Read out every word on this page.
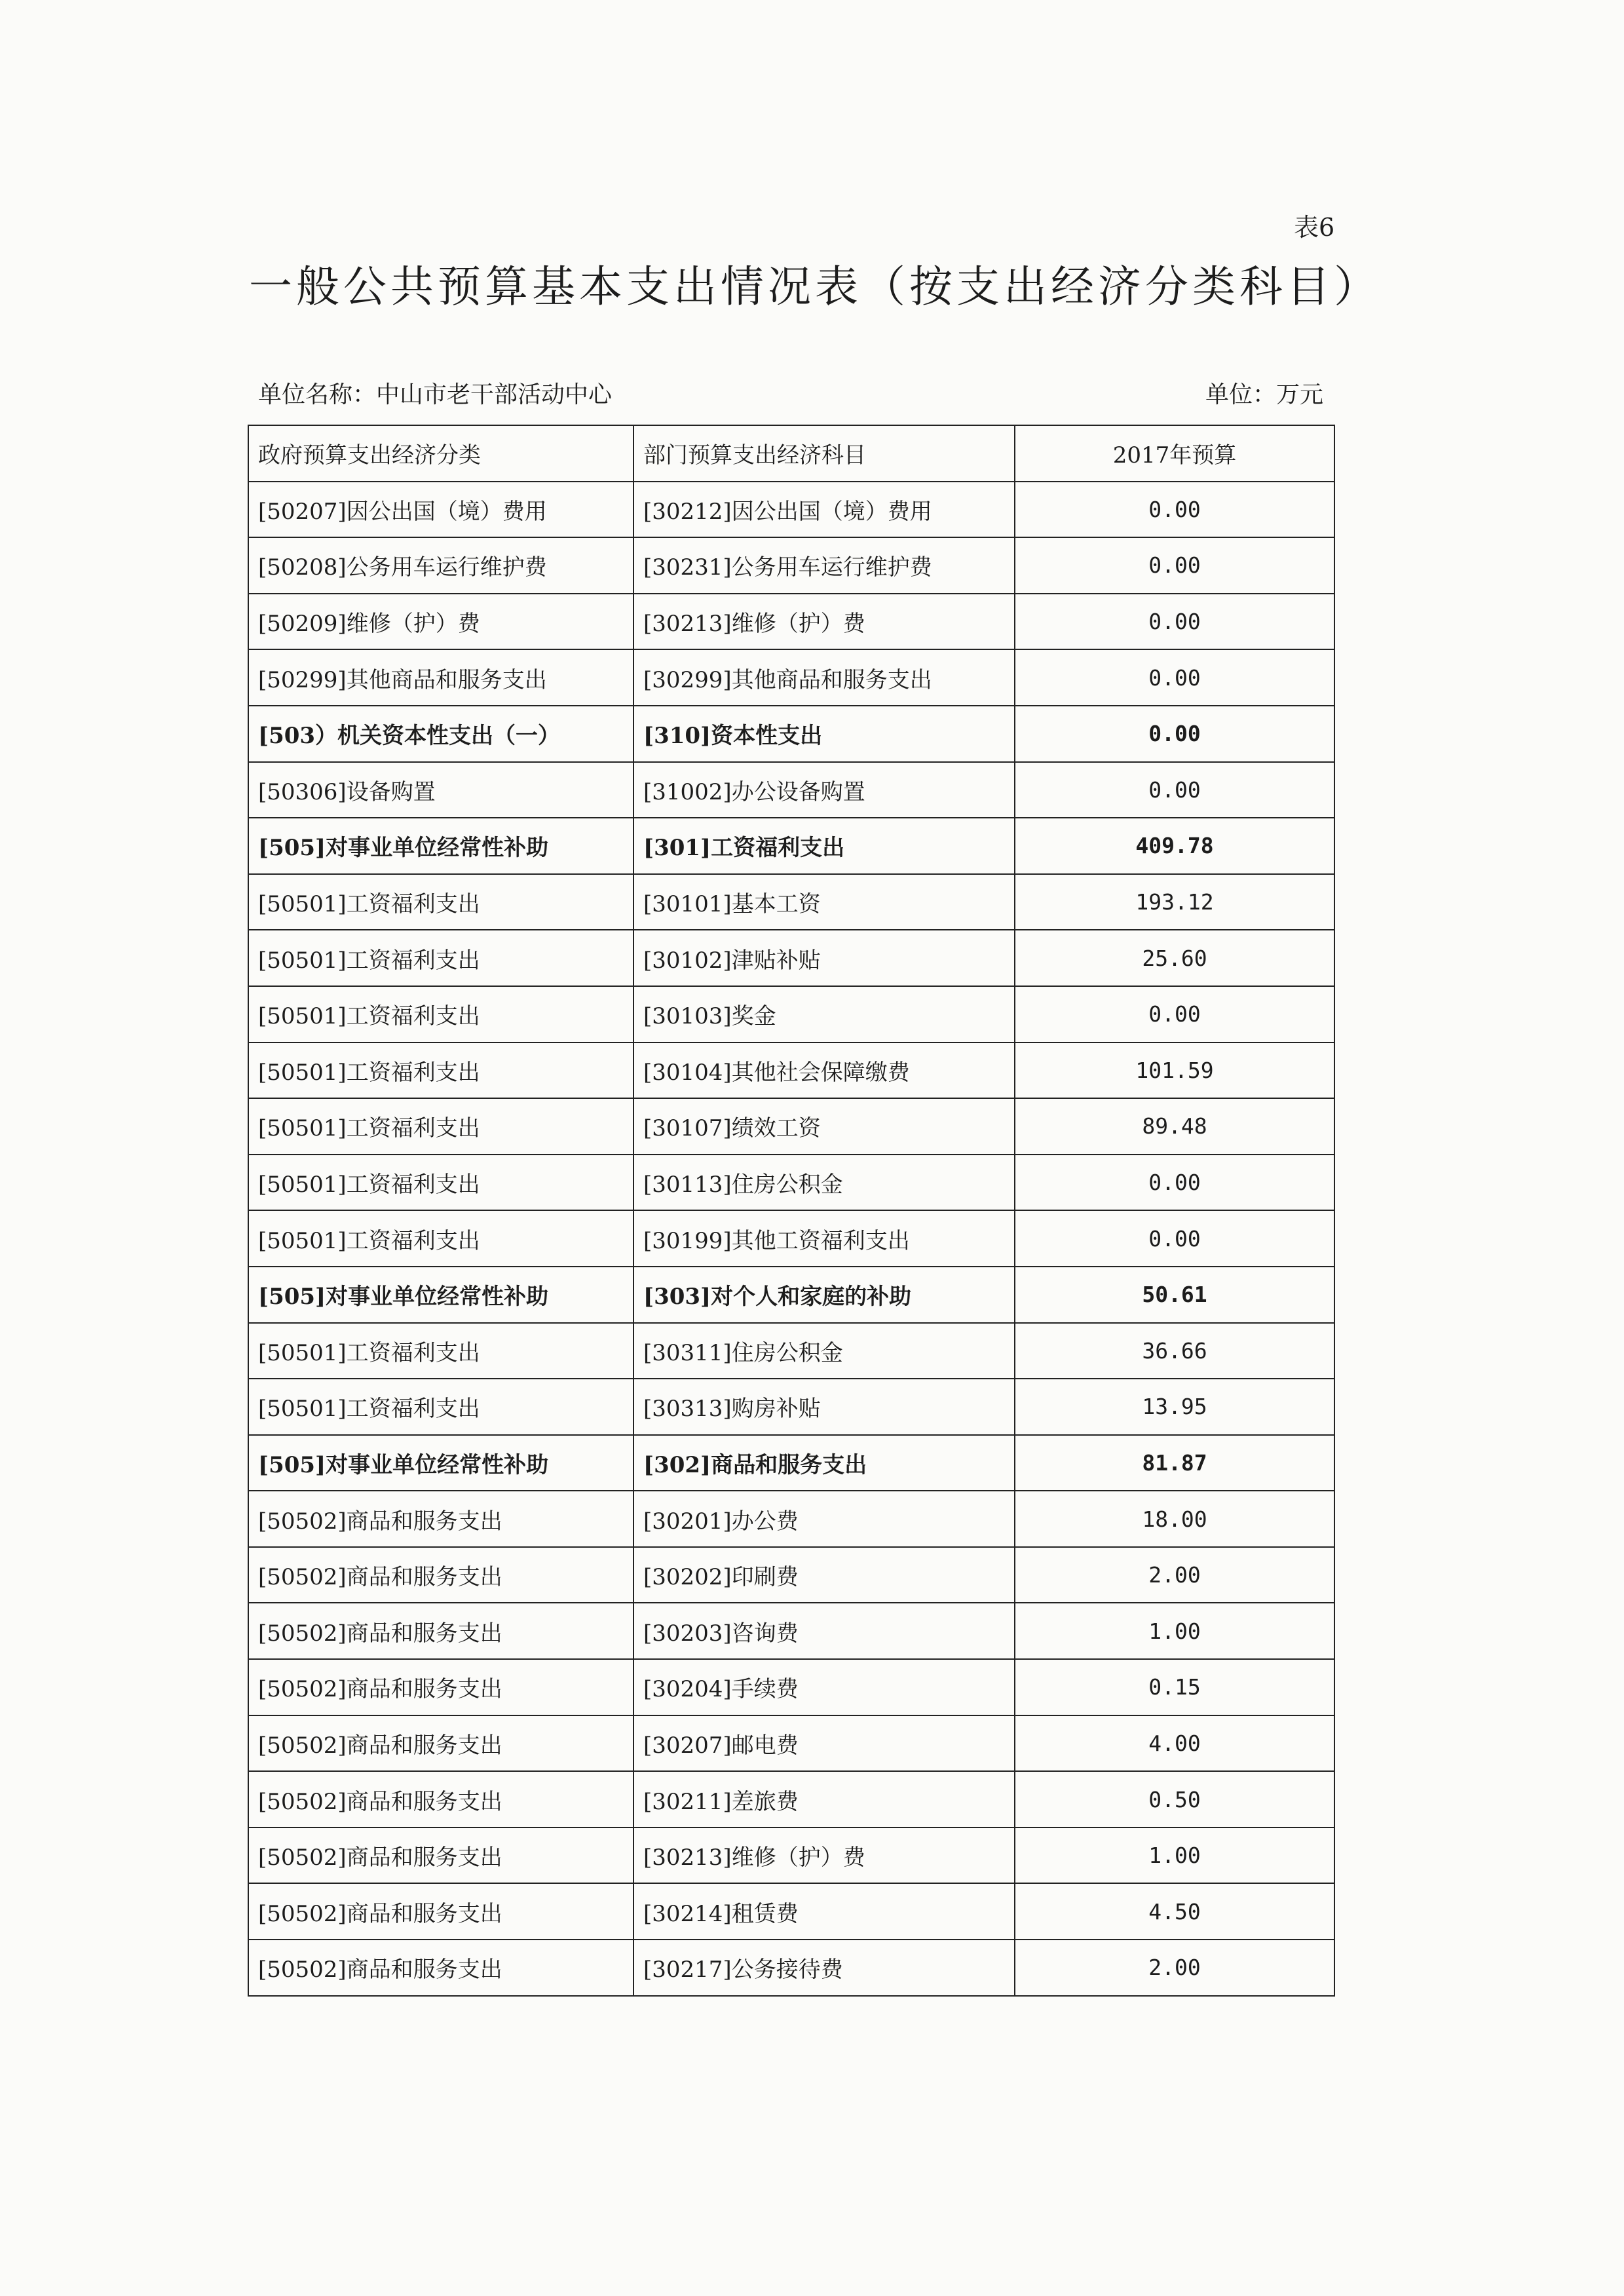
表6
一般公共预算基本支出情况表（按支出经济分类科目）
单位名称：中山市老干部活动中心	单位：万元
政府预算支出经济分类	部门预算支出经济科目	2017年预算
[50207]因公出国（境）费用	[30212]因公出国（境）费用	0.00
[50208]公务用车运行维护费	[30231]公务用车运行维护费	0.00
[50209]维修（护）费	[30213]维修（护）费	0.00
[50299]其他商品和服务支出	[30299]其他商品和服务支出	0.00
[503）机关资本性支出（一）	[310]资本性支出	0.00
[50306]设备购置	[31002]办公设备购置	0.00
[505]对事业单位经常性补助	[301]工资福利支出	409.78
[50501]工资福利支出	[30101]基本工资	193.12
[50501]工资福利支出	[30102]津贴补贴	25.60
[50501]工资福利支出	[30103]奖金	0.00
[50501]工资福利支出	[30104]其他社会保障缴费	101.59
[50501]工资福利支出	[30107]绩效工资	89.48
[50501]工资福利支出	[30113]住房公积金	0.00
[50501]工资福利支出	[30199]其他工资福利支出	0.00
[505]对事业单位经常性补助	[303]对个人和家庭的补助	50.61
[50501]工资福利支出	[30311]住房公积金	36.66
[50501]工资福利支出	[30313]购房补贴	13.95
[505]对事业单位经常性补助	[302]商品和服务支出	81.87
[50502]商品和服务支出	[30201]办公费	18.00
[50502]商品和服务支出	[30202]印刷费	2.00
[50502]商品和服务支出	[30203]咨询费	1.00
[50502]商品和服务支出	[30204]手续费	0.15
[50502]商品和服务支出	[30207]邮电费	4.00
[50502]商品和服务支出	[30211]差旅费	0.50
[50502]商品和服务支出	[30213]维修（护）费	1.00
[50502]商品和服务支出	[30214]租赁费	4.50
[50502]商品和服务支出	[30217]公务接待费	2.00
